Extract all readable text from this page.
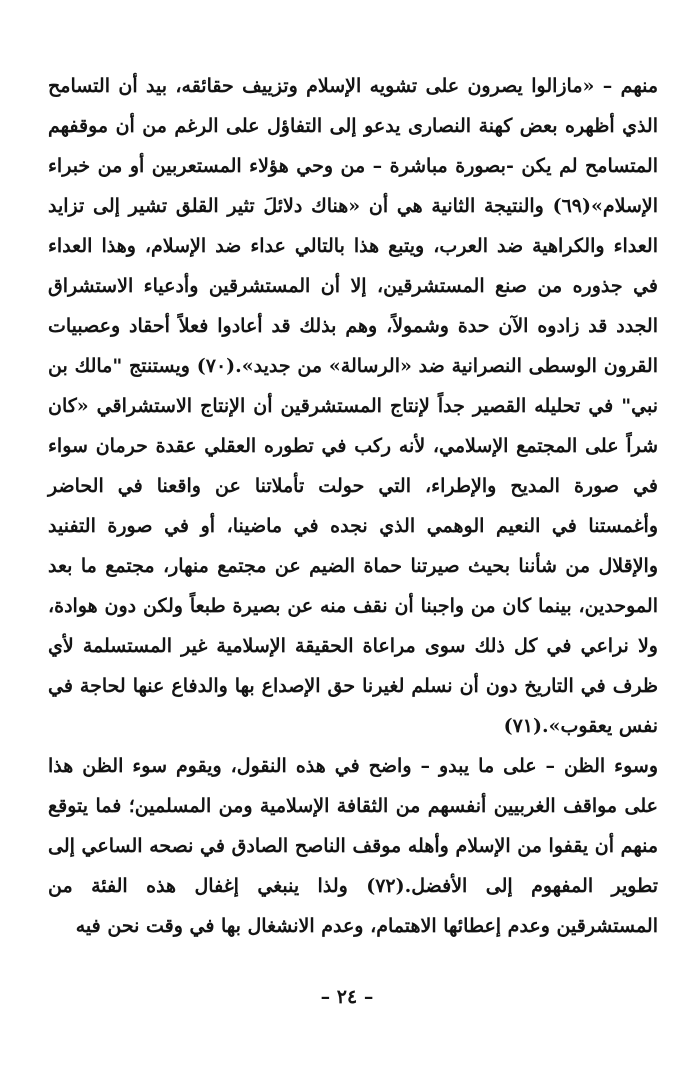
منهم – «مازالوا يصرون على تشويه الإسلام وتزييف حقائقه، بيد أن التسامح الذي أظهره بعض كهنة النصارى يدعو إلى التفاؤل على الرغم من أن موقفهم المتسامح لم يكن -بصورة مباشرة – من وحي هؤلاء المستعربين أو من خبراء الإسلام»(٦٩) والنتيجة الثانية هي أن «هناك دلائلَ تثير القلق تشير إلى تزايد العداء والكراهية ضد العرب، ويتبع هذا بالتالي عداء ضد الإسلام، وهذا العداء في جذوره من صنع المستشرقين، إلا أن المستشرقين وأدعياء الاستشراق الجدد قد زادوه الآن حدة وشمولاً، وهم بذلك قد أعادوا فعلاً أحقاد وعصبيات القرون الوسطى النصرانية ضد «الرسالة» من جديد».(٧٠) ويستنتج "مالك بن نبي" في تحليله القصير جداً لإنتاج المستشرقين أن الإنتاج الاستشراقي «كان شراً على المجتمع الإسلامي، لأنه ركب في تطوره العقلي عقدة حرمان سواء في صورة المديح والإطراء، التي حولت تأملاتنا عن واقعنا في الحاضر وأغمستنا في النعيم الوهمي الذي نجده في ماضينا، أو في صورة التفنيد والإقلال من شأننا بحيث صيرتنا حماة الضيم عن مجتمع منهار، مجتمع ما بعد الموحدين، بينما كان من واجبنا أن نقف منه عن بصيرة طبعاً ولكن دون هوادة، ولا نراعي في كل ذلك سوى مراعاة الحقيقة الإسلامية غير المستسلمة لأي ظرف في التاريخ دون أن نسلم لغيرنا حق الإصداع بها والدفاع عنها لحاجة في نفس يعقوب».(٧١)

وسوء الظن – على ما يبدو – واضح في هذه النقول، ويقوم سوء الظن هذا على مواقف الغربيين أنفسهم من الثقافة الإسلامية ومن المسلمين؛ فما يتوقع منهم أن يقفوا من الإسلام وأهله موقف الناصح الصادق في نصحه الساعي إلى تطوير المفهوم إلى الأفضل.(٧٢) ولذا ينبغي إغفال هذه الفئة من المستشرقين وعدم إعطائها الاهتمام، وعدم الانشغال بها في وقت نحن فيه

– ٢٤ –
